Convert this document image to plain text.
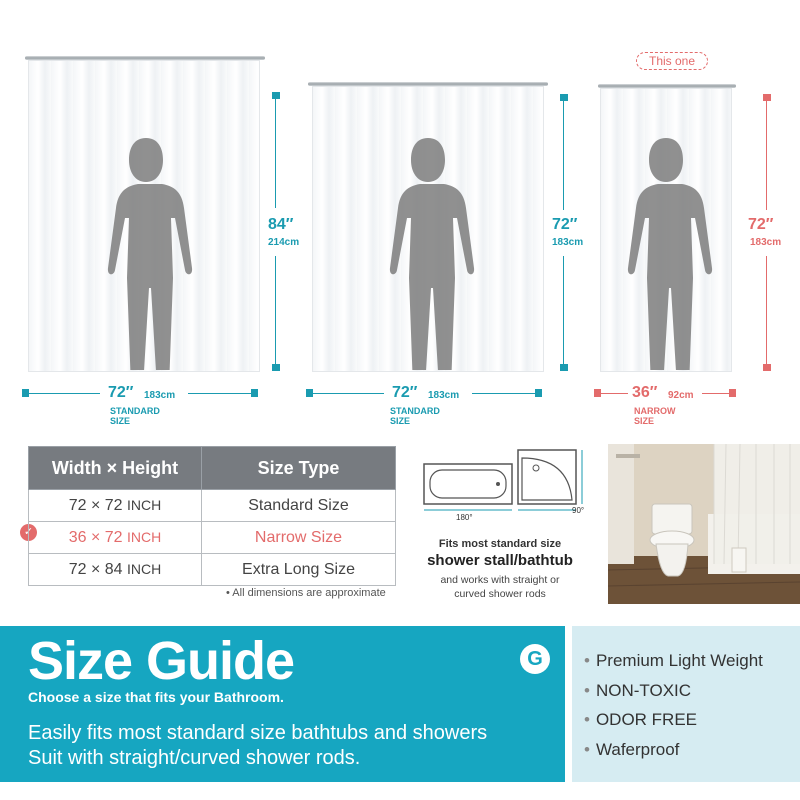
84″
214cm
72″ 183cm
STANDARD SIZE
72″
183cm
72″ 183cm
STANDARD SIZE
This one
72″
183cm
36″ 92cm
NARROW SIZE
✓
Width × Height	Size Type
72 × 72 INCH	Standard Size
36 × 72 INCH	Narrow Size
72 × 84 INCH	Extra Long Size
• All dimensions are approximate
180°
90°
Fits most standard size
shower stall/bathtub
and works with straight or
curved shower rods
Size Guide
Choose a size that fits your Bathroom.
Easily fits most standard size bathtubs and showers
Suit with straight/curved shower rods.
G	• Premium Light Weight
• NON-TOXIC
• ODOR FREE
• Waferproof
